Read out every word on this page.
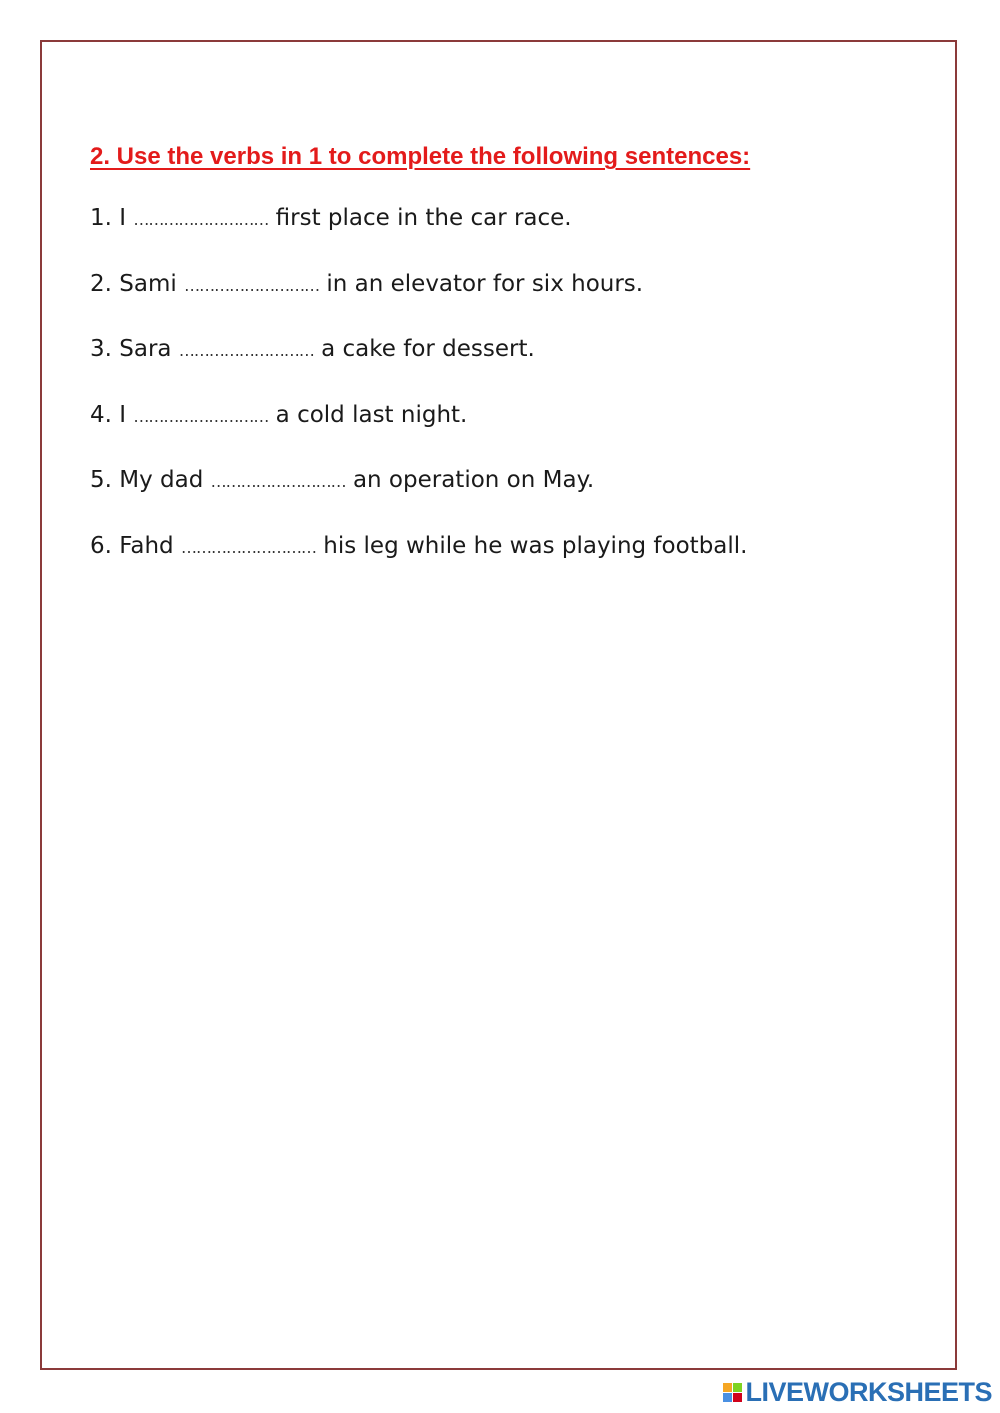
2. Use the verbs in 1 to complete the following sentences:
1. I ……………………… first place in the car race.
2. Sami ……………………… in an elevator for six hours.
3. Sara ……………………… a cake for dessert.
4. I ……………………… a cold last night.
5. My dad ……………………… an operation on May.
6. Fahd ……………………… his leg while he was playing football.
LIVEWORKSHEETS
